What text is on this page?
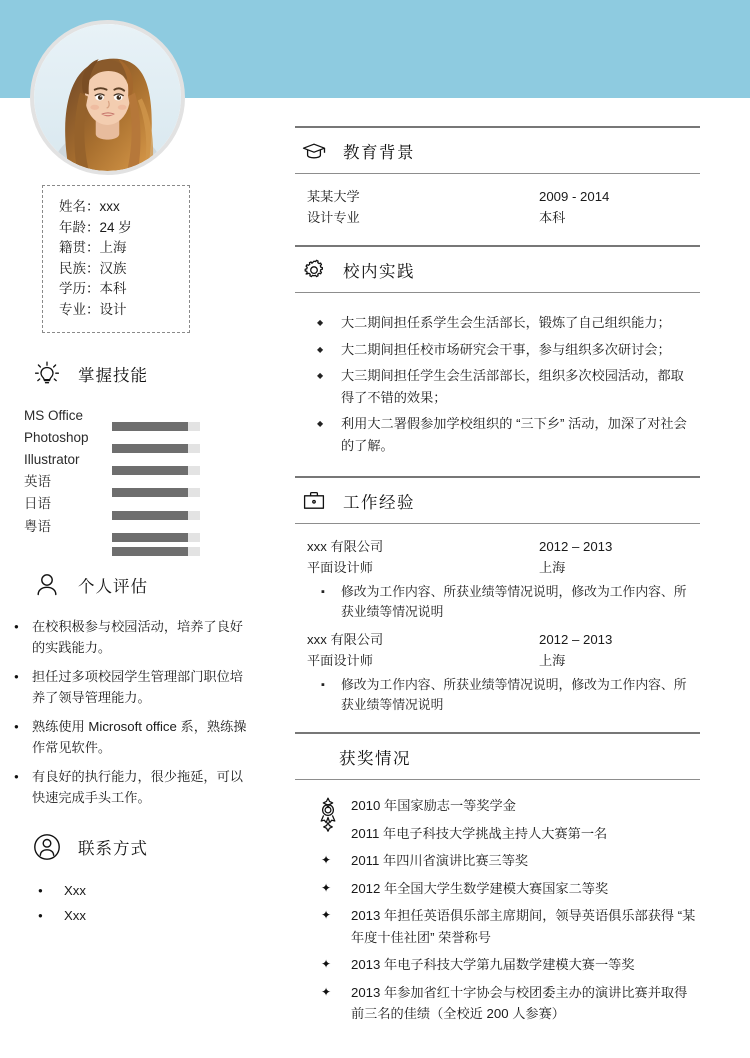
姓名：xxx
年龄：24 岁
籍贯：上海
民族：汉族
学历：本科
专业：设计
掌握技能
MS Office
Photoshop
Illustrator
英语
日语
粤语
个人评估
● 在校积极参与校园活动，培养了良好的实践能力。
● 担任过多项校园学生管理部门职位培养了领导管理能力。
● 熟练使用 Microsoft office 系，熟练操作常见软件。
● 有良好的执行能力，很少拖延，可以快速完成手头工作。
联系方式
● Xxx
● Xxx
教育背景
某某大学	2009 - 2014
设计专业	本科
校内实践
◆ 大二期间担任系学生会生活部长，锻炼了自己组织能力；
◆ 大二期间担任校市场研究会干事，参与组织多次研讨会；
◆ 大三期间担任学生会生活部部长，组织多次校园活动，都取得了不错的效果；
◆ 利用大二署假参加学校组织的 “三下乡” 活动，加深了对社会的了解。
工作经验
xxx 有限公司	2012 – 2013
平面设计师	上海
▪ 修改为工作内容、所获业绩等情况说明，修改为工作内容、所获业绩等情况说明
xxx 有限公司	2012 – 2013
平面设计师	上海
▪ 修改为工作内容、所获业绩等情况说明，修改为工作内容、所获业绩等情况说明
获奖情况
2010 年国家励志一等奖学金
2011 年电子科技大学挑战主持人大赛第一名
✦ 2011 年四川省演讲比赛三等奖
✦ 2012 年全国大学生数学建模大赛国家二等奖
✦ 2013 年担任英语俱乐部主席期间，领导英语俱乐部获得 “某年度十佳社团” 荣誉称号
✦ 2013 年电子科技大学第九届数学建模大赛一等奖
✦ 2013 年参加省红十字协会与校团委主办的演讲比赛并取得前三名的佳绩（全校近 200 人参赛）
